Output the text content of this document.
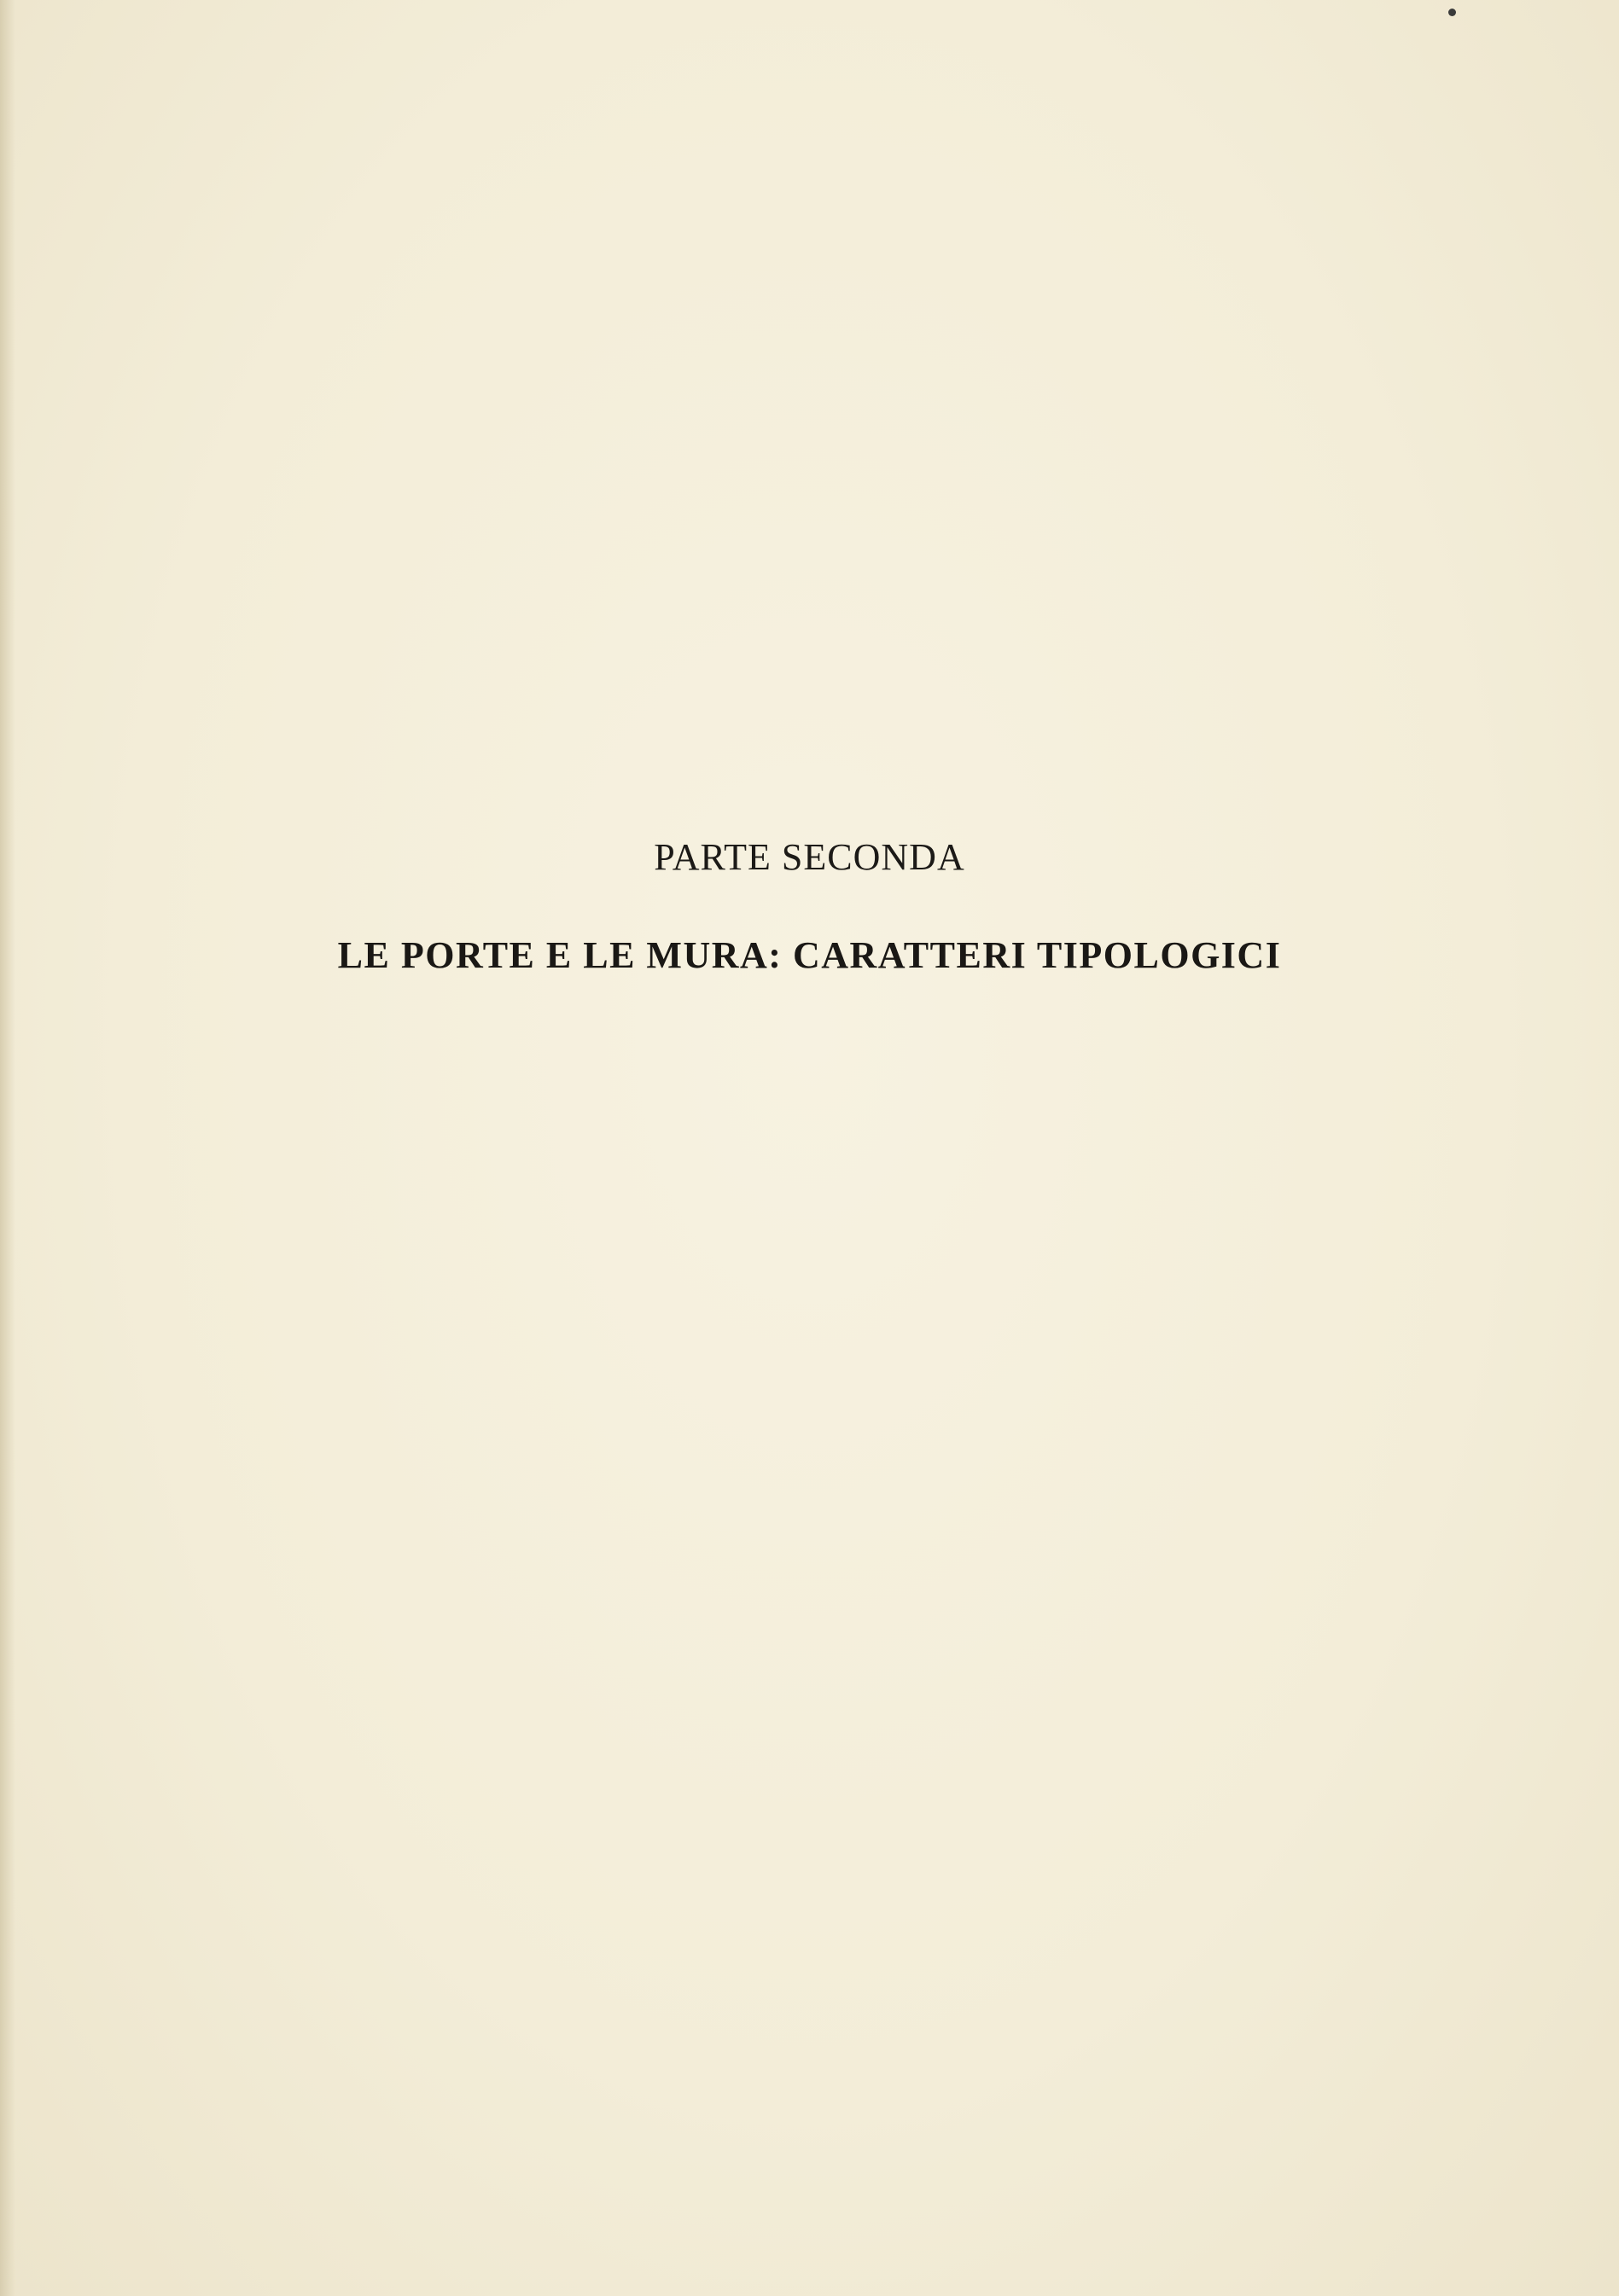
PARTE SECONDA
LE PORTE E LE MURA: CARATTERI TIPOLOGICI
